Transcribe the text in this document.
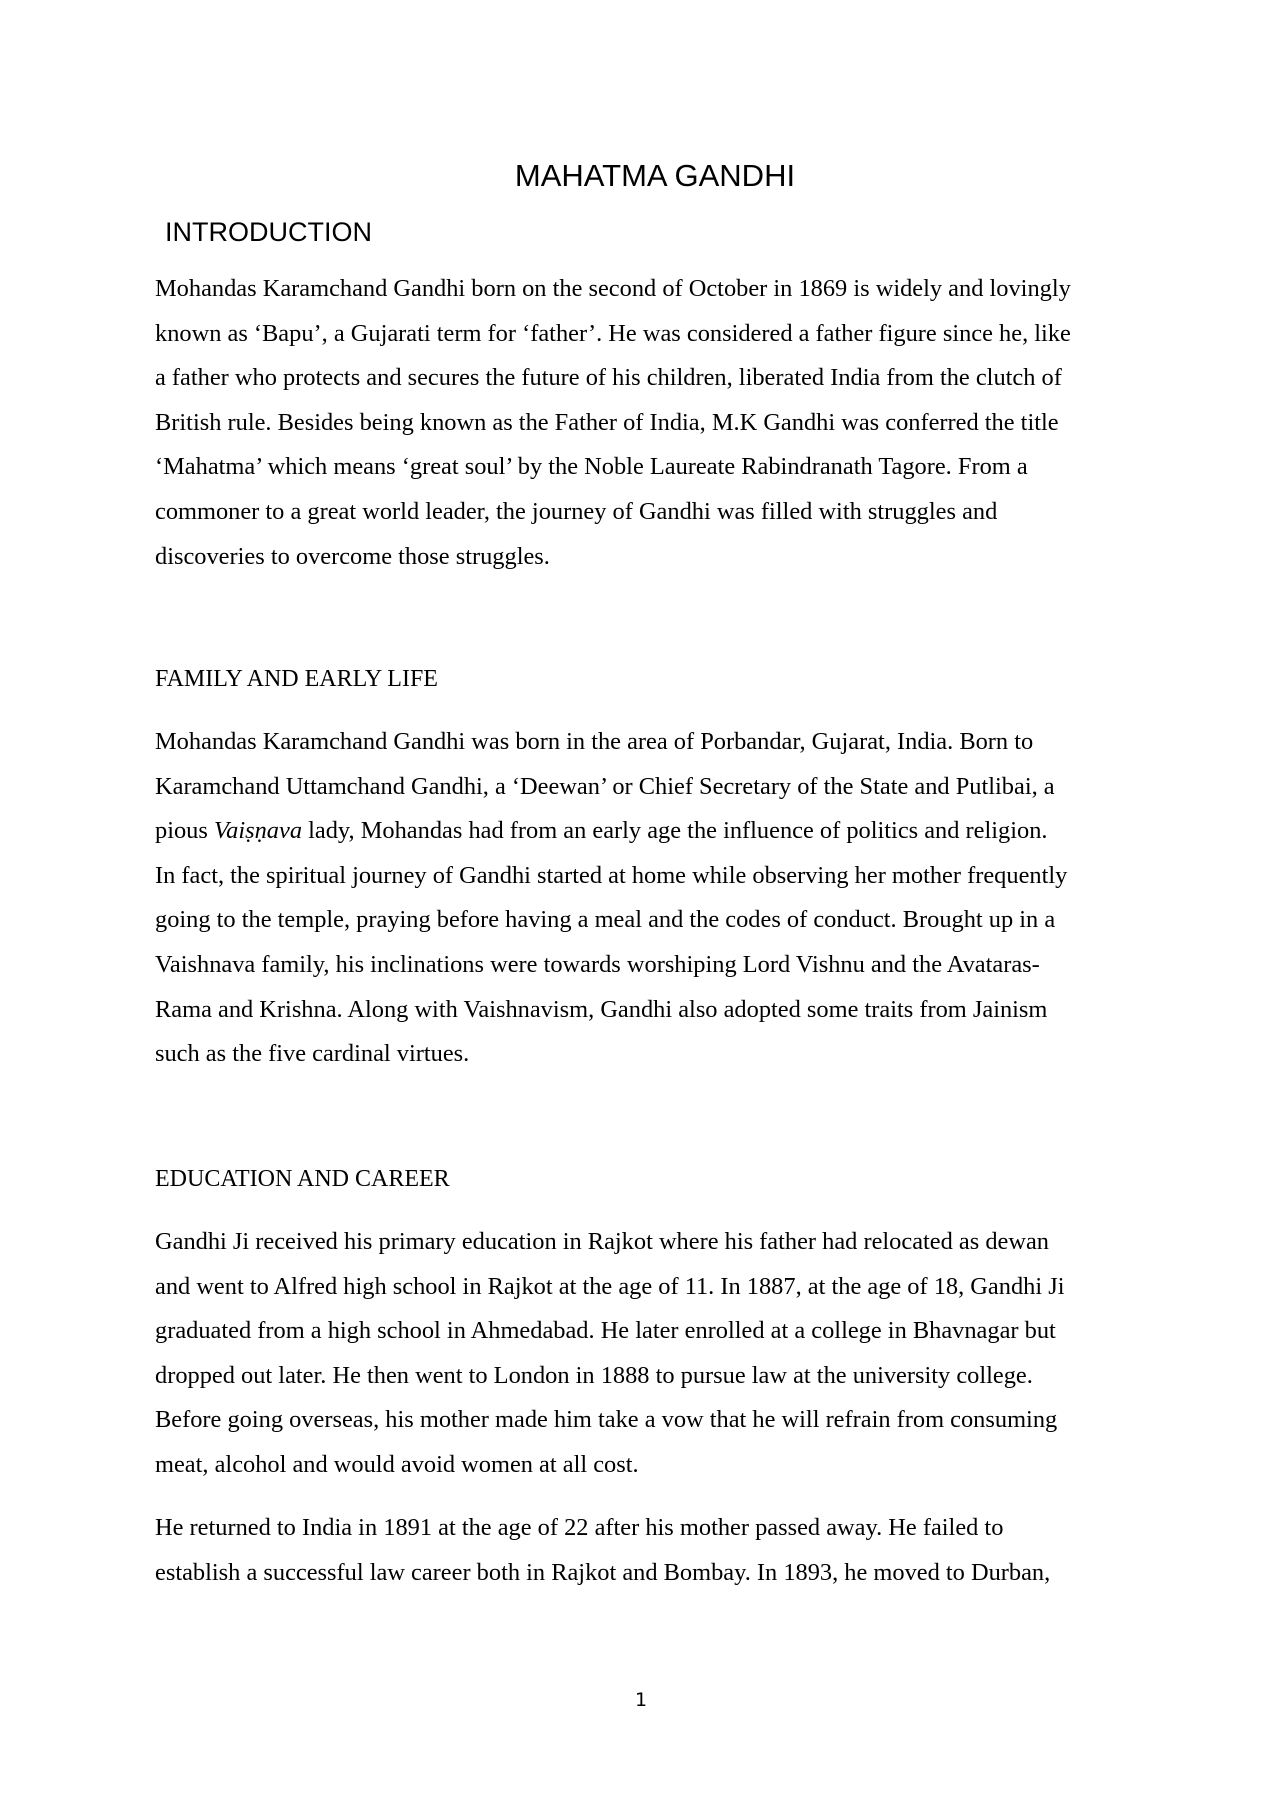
MAHATMA GANDHI
INTRODUCTION

Mohandas Karamchand Gandhi born on the second of October in 1869 is widely and lovingly
known as ‘Bapu’, a Gujarati term for ‘father’. He was considered a father figure since he, like
a father who protects and secures the future of his children, liberated India from the clutch of
British rule. Besides being known as the Father of India, M.K Gandhi was conferred the title
‘Mahatma’ which means ‘great soul’ by the Noble Laureate Rabindranath Tagore. From a
commoner to a great world leader, the journey of Gandhi was filled with struggles and
discoveries to overcome those struggles.

FAMILY AND EARLY LIFE

Mohandas Karamchand Gandhi was born in the area of Porbandar, Gujarat, India. Born to
Karamchand Uttamchand Gandhi, a ‘Deewan’ or Chief Secretary of the State and Putlibai, a
pious Vaiṣṇava lady, Mohandas had from an early age the influence of politics and religion.
In fact, the spiritual journey of Gandhi started at home while observing her mother frequently
going to the temple, praying before having a meal and the codes of conduct. Brought up in a
Vaishnava family, his inclinations were towards worshiping Lord Vishnu and the Avataras-
Rama and Krishna. Along with Vaishnavism, Gandhi also adopted some traits from Jainism
such as the five cardinal virtues.

EDUCATION AND CAREER

Gandhi Ji received his primary education in Rajkot where his father had relocated as dewan
and went to Alfred high school in Rajkot at the age of 11. In 1887, at the age of 18, Gandhi Ji
graduated from a high school in Ahmedabad. He later enrolled at a college in Bhavnagar but
dropped out later. He then went to London in 1888 to pursue law at the university college.
Before going overseas, his mother made him take a vow that he will refrain from consuming
meat, alcohol and would avoid women at all cost.

He returned to India in 1891 at the age of 22 after his mother passed away. He failed to
establish a successful law career both in Rajkot and Bombay. In 1893, he moved to Durban,

1
